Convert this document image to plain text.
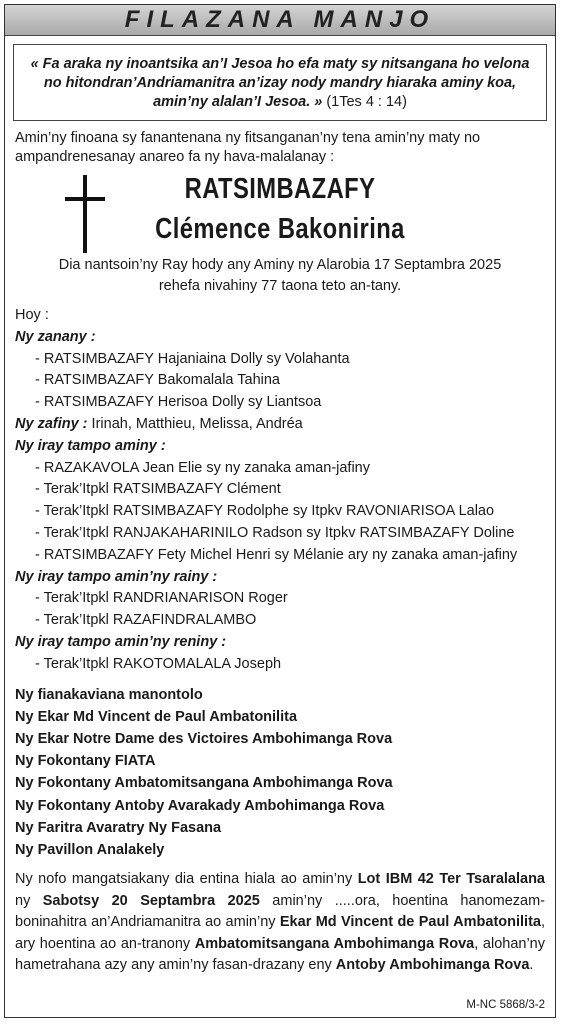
FILAZANA MANJO
« Fa araka ny inoantsika an’I Jesoa ho efa maty sy nitsangana ho velona no hitondran’Andriamanitra an’izay nody mandry hiaraka aminy koa, amin’ny alalan’I Jesoa. » (1Tes 4 : 14)
Amin’ny finoana sy fanantenana ny fitsanganan’ny tena amin’ny maty no ampandrenesanay anareo fa ny hava-malalanay :
RATSIMBAZAFY
Clémence Bakonirina
Dia nantsoin’ny Ray hody any Aminy ny Alarobia 17 Septambra 2025
rehefa nivahiny 77 taona teto an-tany.
Hoy :
Ny zanany :
- RATSIMBAZAFY Hajaniaina Dolly sy Volahanta
- RATSIMBAZAFY Bakomalala Tahina
- RATSIMBAZAFY Herisoa Dolly sy Liantsoa
Ny zafiny : Irinah, Matthieu, Melissa, Andréa
Ny iray tampo aminy :
- RAZAKAVOLA Jean Elie sy ny zanaka aman-jafiny
- Terak’Itpkl RATSIMBAZAFY Clément
- Terak’Itpkl RATSIMBAZAFY Rodolphe sy Itpkv RAVONIARISOA Lalao
- Terak’Itpkl RANJAKAHARINILO Radson sy Itpkv RATSIMBAZAFY Doline
- RATSIMBAZAFY Fety Michel Henri sy Mélanie ary ny zanaka aman-jafiny
Ny iray tampo amin’ny rainy :
- Terak’Itpkl RANDRIANARISON Roger
- Terak’Itpkl RAZAFINDRALAMBO
Ny iray tampo amin’ny reniny :
- Terak’Itpkl RAKOTOMALALA Joseph
Ny fianakaviana manontolo
Ny Ekar Md Vincent de Paul Ambatonilita
Ny Ekar Notre Dame des Victoires Ambohimanga Rova
Ny Fokontany FIATA
Ny Fokontany Ambatomitsangana Ambohimanga Rova
Ny Fokontany Antoby Avarakady Ambohimanga Rova
Ny Faritra Avaratry Ny Fasana
Ny Pavillon Analakely
Ny nofo mangatsiakany dia entina hiala ao amin’ny Lot IBM 42 Ter Tsaralalana ny Sabotsy 20 Septambra 2025 amin’ny .....ora, hoentina hanomezam-boninahitra an’Andriamanitra ao amin’ny Ekar Md Vincent de Paul Ambatonilita, ary hoentina ao an-tranony Ambatomitsangana Ambohimanga Rova, alohan’ny hametrahana azy any amin’ny fasan-drazany eny Antoby Ambohimanga Rova.
M-NC 5868/3-2
